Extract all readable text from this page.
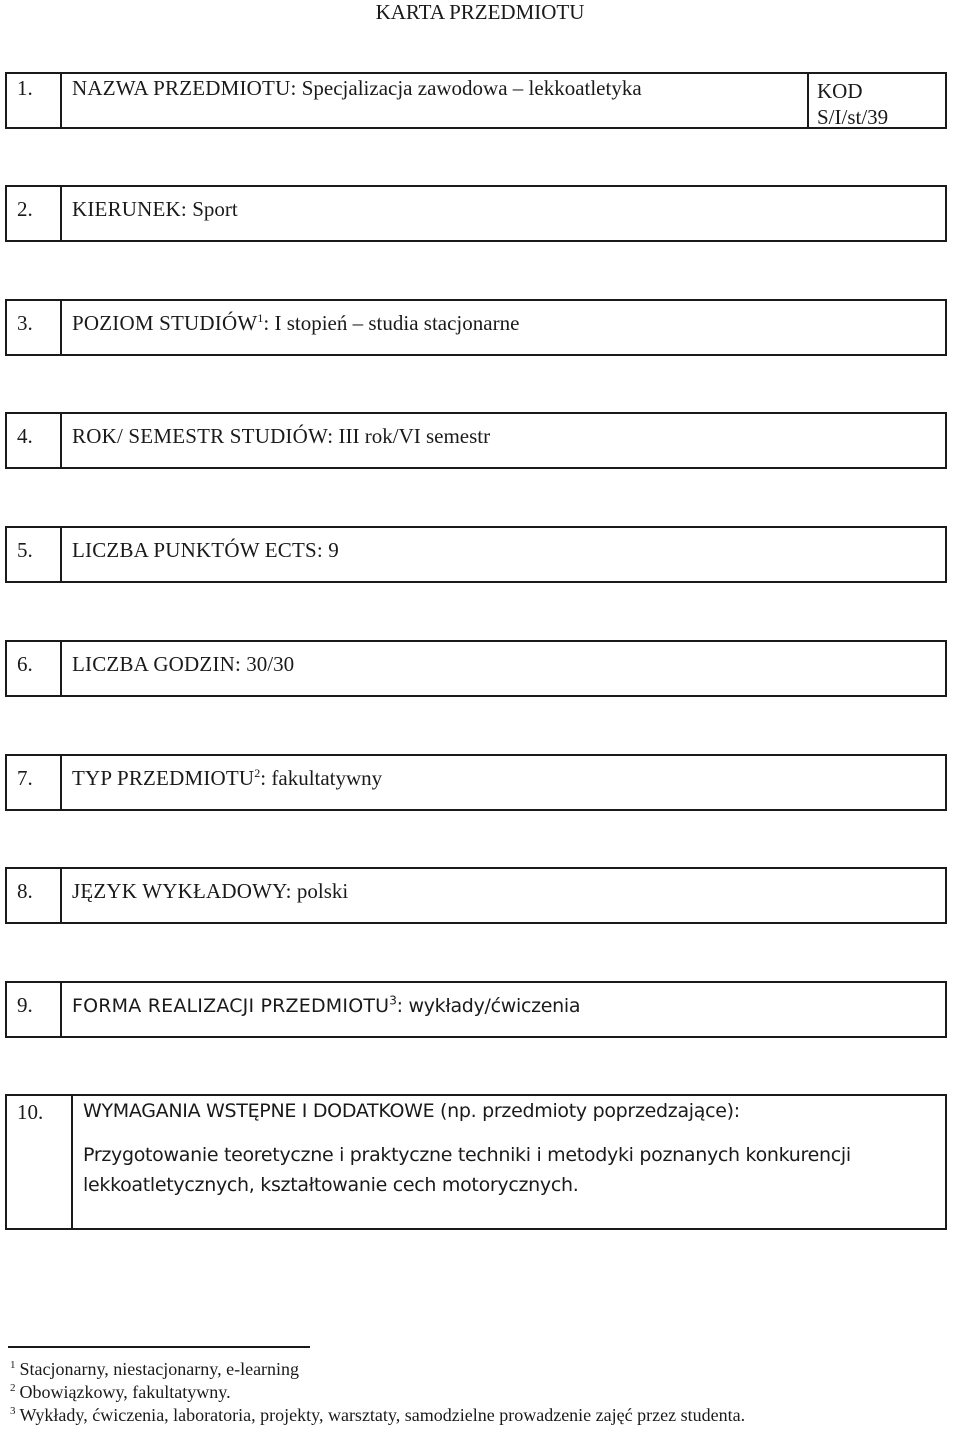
KARTA PRZEDMIOTU
1.	NAZWA PRZEDMIOTU: Specjalizacja zawodowa – lekkoatletyka	KOD
S/I/st/39
2.	KIERUNEK: Sport
3.	POZIOM STUDIÓW$^1$: I stopień – studia stacjonarne
4.	ROK/ SEMESTR STUDIÓW: III rok/VI semestr
5.	LICZBA PUNKTÓW ECTS: 9
6.	LICZBA GODZIN: 30/30
7.	TYP PRZEDMIOTU$^2$: fakultatywny
8.	JĘZYK WYKŁADOWY: polski
9.	FORMA REALIZACJI PRZEDMIOTU$^3$: wykłady/ćwiczenia
10.	WYMAGANIA WSTĘPNE I DODATKOWE (np. przedmioty poprzedzające):
Przygotowanie teoretyczne i praktyczne techniki i metodyki poznanych konkurencji lekkoatletycznych, kształtowanie cech motorycznych.
$^1$ Stacjonarny, niestacjonarny, e-learning
$^2$ Obowiązkowy, fakultatywny.
$^3$ Wykłady, ćwiczenia, laboratoria, projekty, warsztaty, samodzielne prowadzenie zajęć przez studenta.
